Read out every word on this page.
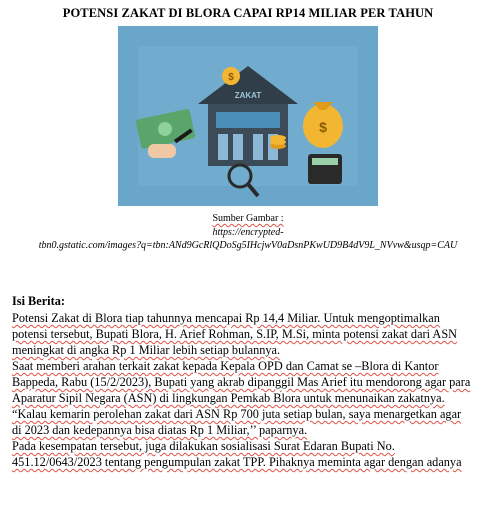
POTENSI ZAKAT DI BLORA CAPAI RP14 MILIAR PER TAHUN
ZAKAT
$
$
Sumber Gambar :
https://encrypted-
tbn0.gstatic.com/images?q=tbn:ANd9GcRlQDoSg5IHcjwV0aDsnPKwUD9B4dV9L_NVvw&usqp=CAU
Isi Berita:
Potensi Zakat di Blora tiap tahunnya mencapai Rp 14,4 Miliar. Untuk mengoptimalkan
potensi tersebut, Bupati Blora, H. Arief Rohman, S.IP, M.Si, minta potensi zakat dari ASN
meningkat di angka Rp 1 Miliar lebih setiap bulannya.
Saat memberi arahan terkait zakat kepada Kepala OPD dan Camat se –Blora di Kantor
Bappeda, Rabu (15/2/2023), Bupati yang akrab dipanggil Mas Arief itu mendorong agar para
Aparatur Sipil Negara (ASN) di lingkungan Pemkab Blora untuk menunaikan zakatnya.
“Kalau kemarin perolehan zakat dari ASN Rp 700 juta setiap bulan, saya menargetkan agar
di 2023 dan kedepannya bisa diatas Rp 1 Miliar,’’ paparnya.
Pada kesempatan tersebut, juga dilakukan sosialisasi Surat Edaran Bupati No.
451.12/0643/2023 tentang pengumpulan zakat TPP. Pihaknya meminta agar dengan adanya
